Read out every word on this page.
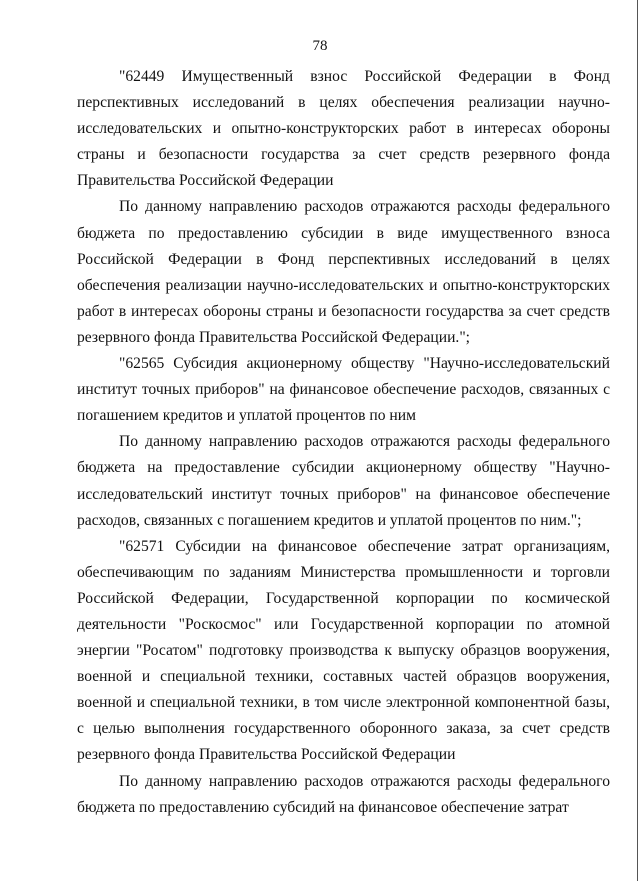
78

"62449 Имущественный взнос Российской Федерации в Фонд перспективных исследований в целях обеспечения реализации научно-исследовательских и опытно-конструкторских работ в интересах обороны страны и безопасности государства за счет средств резервного фонда Правительства Российской Федерации

По данному направлению расходов отражаются расходы федерального бюджета по предоставлению субсидии в виде имущественного взноса Российской Федерации в Фонд перспективных исследований в целях обеспечения реализации научно-исследовательских и опытно-конструкторских работ в интересах обороны страны и безопасности государства за счет средств резервного фонда Правительства Российской Федерации.";

"62565 Субсидия акционерному обществу "Научно-исследовательский институт точных приборов" на финансовое обеспечение расходов, связанных с погашением кредитов и уплатой процентов по ним

По данному направлению расходов отражаются расходы федерального бюджета на предоставление субсидии акционерному обществу "Научно-исследовательский институт точных приборов" на финансовое обеспечение расходов, связанных с погашением кредитов и уплатой процентов по ним.";

"62571 Субсидии на финансовое обеспечение затрат организациям, обеспечивающим по заданиям Министерства промышленности и торговли Российской Федерации, Государственной корпорации по космической деятельности "Роскосмос" или Государственной корпорации по атомной энергии "Росатом" подготовку производства к выпуску образцов вооружения, военной и специальной техники, составных частей образцов вооружения, военной и специальной техники, в том числе электронной компонентной базы, с целью выполнения государственного оборонного заказа, за счет средств резервного фонда Правительства Российской Федерации

По данному направлению расходов отражаются расходы федерального бюджета по предоставлению субсидий на финансовое обеспечение затрат
